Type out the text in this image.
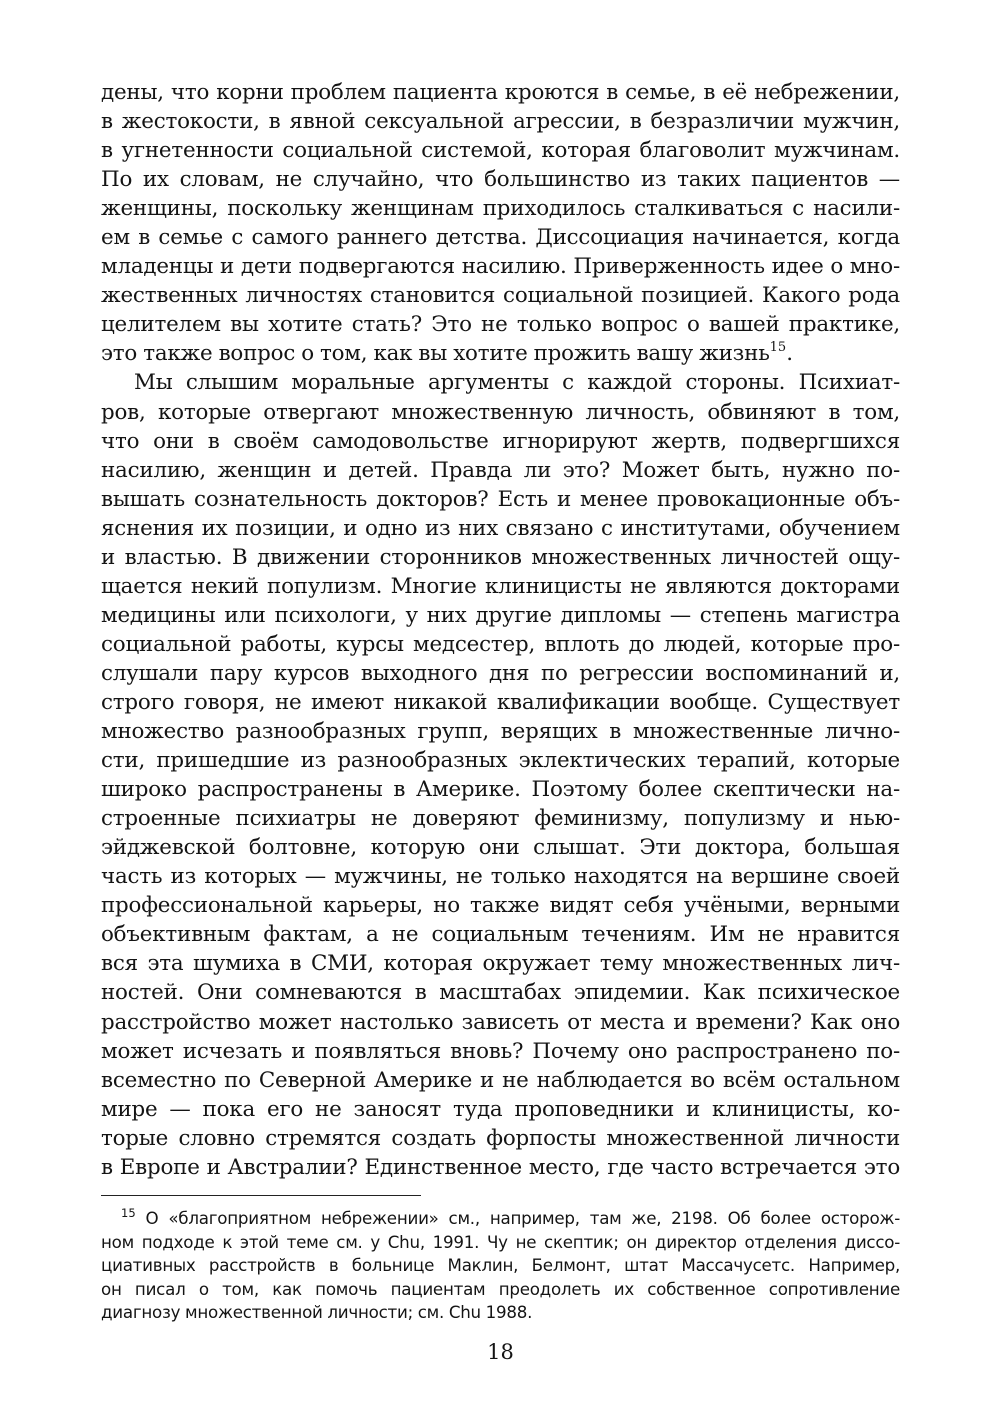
дены, что корни проблем пациента кроются в семье, в её небрежении,
в жестокости, в явной сексуальной агрессии, в безразличии мужчин,
в угнетенности социальной системой, которая благоволит мужчинам.
По их словам, не случайно, что большинство из таких пациентов —
женщины, поскольку женщинам приходилось сталкиваться с насили-
ем в семье с самого раннего детства. Диссоциация начинается, когда
младенцы и дети подвергаются насилию. Приверженность идее о мно-
жественных личностях становится социальной позицией. Какого рода
целителем вы хотите стать? Это не только вопрос о вашей практике,
это также вопрос о том, как вы хотите прожить вашу жизнь$^{15}$.
Мы слышим моральные аргументы с каждой стороны. Психиат-
ров, которые отвергают множественную личность, обвиняют в том,
что они в своём самодовольстве игнорируют жертв, подвергшихся
насилию, женщин и детей. Правда ли это? Может быть, нужно по-
вышать сознательность докторов? Есть и менее провокационные объ-
яснения их позиции, и одно из них связано с институтами, обучением
и властью. В движении сторонников множественных личностей ощу-
щается некий популизм. Многие клиницисты не являются докторами
медицины или психологи, у них другие дипломы — степень магистра
социальной работы, курсы медсестер, вплоть до людей, которые про-
слушали пару курсов выходного дня по регрессии воспоминаний и,
строго говоря, не имеют никакой квалификации вообще. Существует
множество разнообразных групп, верящих в множественные лично-
сти, пришедшие из разнообразных эклектических терапий, которые
широко распространены в Америке. Поэтому более скептически на-
строенные психиатры не доверяют феминизму, популизму и нью-
эйджевской болтовне, которую они слышат. Эти доктора, большая
часть из которых — мужчины, не только находятся на вершине своей
профессиональной карьеры, но также видят себя учёными, верными
объективным фактам, а не социальным течениям. Им не нравится
вся эта шумиха в СМИ, которая окружает тему множественных лич-
ностей. Они сомневаются в масштабах эпидемии. Как психическое
расстройство может настолько зависеть от места и времени? Как оно
может исчезать и появляться вновь? Почему оно распространено по-
всеместно по Северной Америке и не наблюдается во всём остальном
мире — пока его не заносят туда проповедники и клиницисты, ко-
торые словно стремятся создать форпосты множественной личности
в Европе и Австралии? Единственное место, где часто встречается это
$^{15}$ О «благоприятном небрежении» см., например, там же, 2198. Об более осторож-
ном подходе к этой теме см. у Chu, 1991. Чу не скептик; он директор отделения диссо-
циативных расстройств в больнице Маклин, Белмонт, штат Массачусетс. Например,
он писал о том, как помочь пациентам преодолеть их собственное сопротивление
диагнозу множественной личности; см. Chu 1988.
18
